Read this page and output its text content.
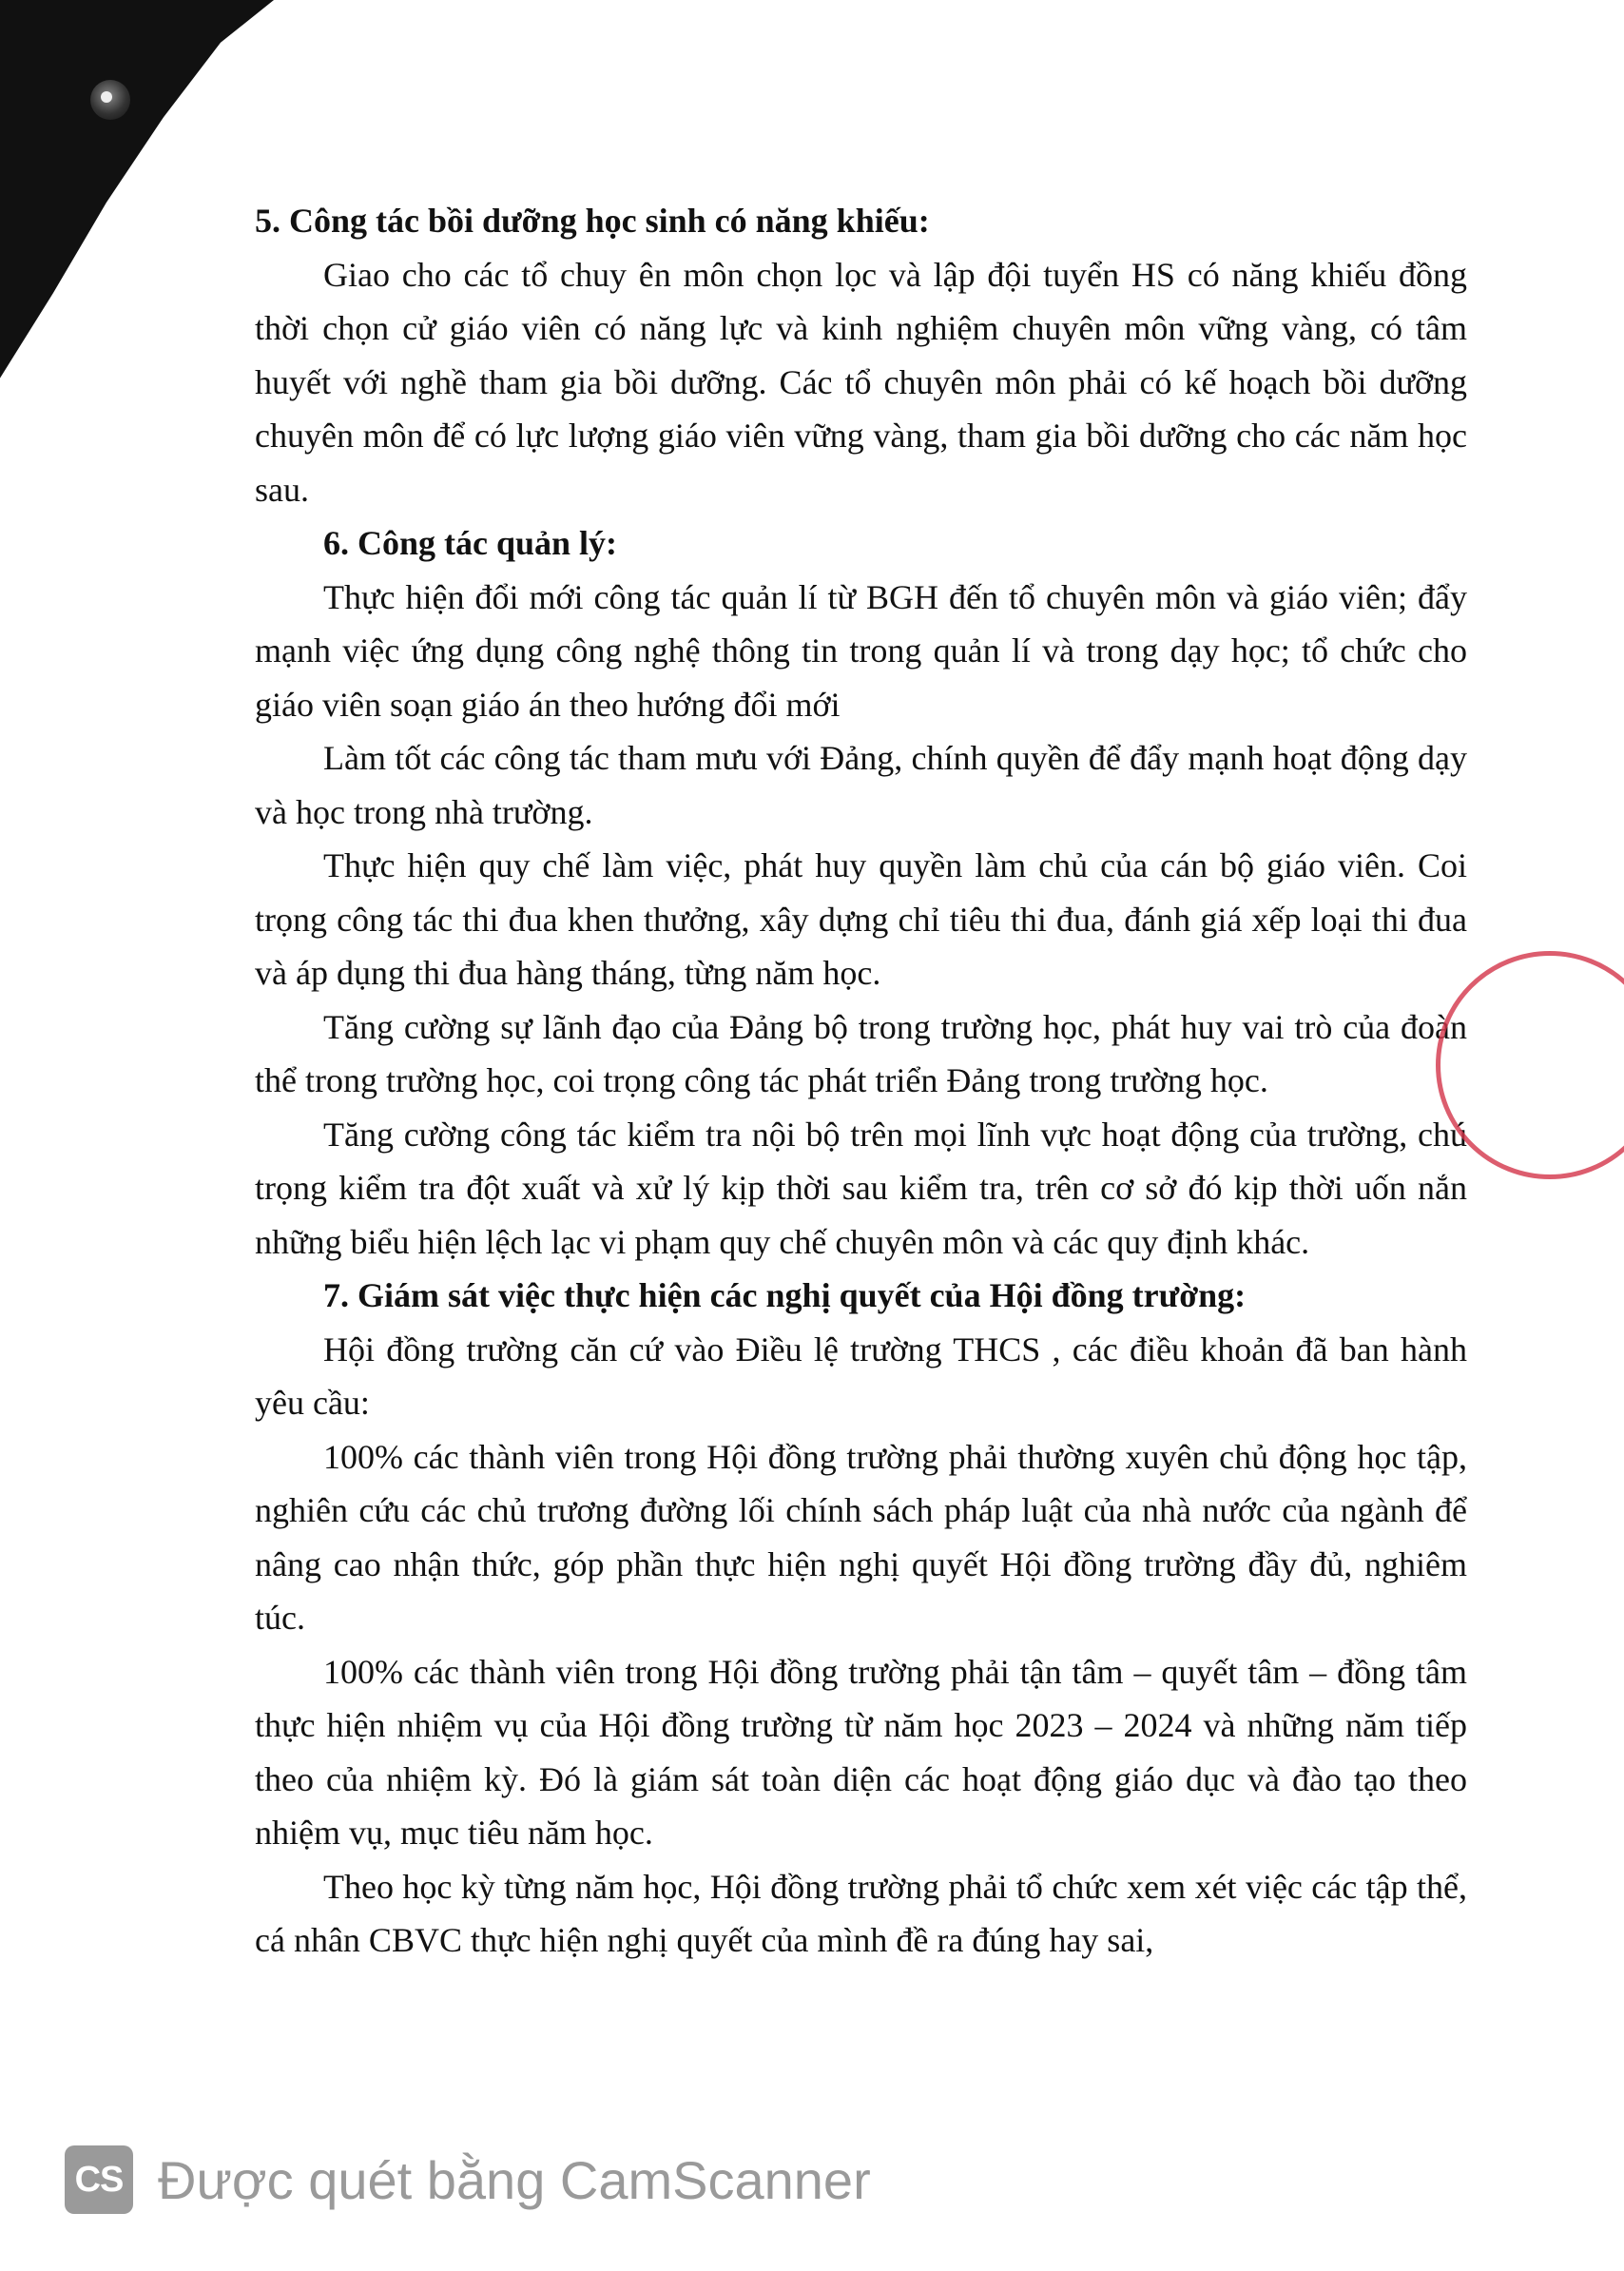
5. Công tác bồi dưỡng học sinh có năng khiếu:

Giao cho các tổ chuy ên môn chọn lọc và lập đội tuyển HS có năng khiếu đồng thời chọn cử giáo viên có năng lực và kinh nghiệm chuyên môn vững vàng, có tâm huyết với nghề tham gia bồi dưỡng. Các tổ chuyên môn phải có kế hoạch bồi dưỡng chuyên môn để có lực lượng giáo viên vững vàng, tham gia bồi dưỡng cho các năm học sau.

6. Công tác quản lý:

Thực hiện đổi mới công tác quản lí từ BGH đến tổ chuyên môn và giáo viên; đẩy mạnh việc ứng dụng công nghệ thông tin trong quản lí và trong dạy học; tổ chức cho giáo viên soạn giáo án theo hướng đổi mới

Làm tốt các công tác tham mưu với Đảng, chính quyền để đẩy mạnh hoạt động dạy và học trong nhà trường.

Thực hiện quy chế làm việc, phát huy quyền làm chủ của cán bộ giáo viên. Coi trọng công tác thi đua khen thưởng, xây dựng chỉ tiêu thi đua, đánh giá xếp loại thi đua và áp dụng thi đua hàng tháng, từng năm học.

Tăng cường sự lãnh đạo của Đảng bộ trong trường học, phát huy vai trò của đoàn thể trong trường học, coi trọng công tác phát triển Đảng trong trường học.

Tăng cường công tác kiểm tra nội bộ trên mọi lĩnh vực hoạt động của trường, chú trọng kiểm tra đột xuất và xử lý kịp thời sau kiểm tra, trên cơ sở đó kịp thời uốn nắn những biểu hiện lệch lạc vi phạm quy chế chuyên môn và các quy định khác.

7. Giám sát việc thực hiện các nghị quyết của Hội đồng trường:

Hội đồng trường căn cứ vào Điều lệ trường THCS , các điều khoản đã ban hành yêu cầu:

100% các thành viên trong Hội đồng trường phải thường xuyên chủ động học tập, nghiên cứu các chủ trương đường lối chính sách pháp luật của nhà nước của ngành để nâng cao nhận thức, góp phần thực hiện nghị quyết Hội đồng trường đầy đủ, nghiêm túc.

100% các thành viên trong Hội đồng trường phải tận tâm – quyết tâm – đồng tâm thực hiện nhiệm vụ của Hội đồng trường từ năm học 2023 – 2024 và những năm tiếp theo của nhiệm kỳ. Đó là giám sát toàn diện các hoạt động giáo dục và đào tạo theo nhiệm vụ, mục tiêu năm học.

Theo học kỳ từng năm học, Hội đồng trường phải tổ chức xem xét việc các tập thể, cá nhân CBVC thực hiện nghị quyết của mình đề ra đúng hay sai,

CS Được quét bằng CamScanner
